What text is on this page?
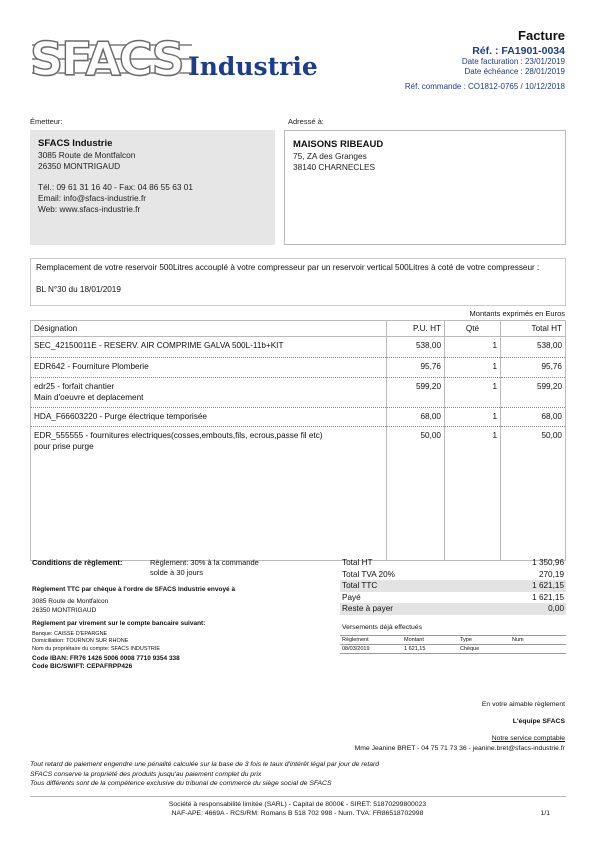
SFACS Industrie
Facture
Réf. : FA1901-0034
Date facturation : 23/01/2019
Date échéance : 28/01/2019
Réf. commande : CO1812-0765 / 10/12/2018
Émetteur:	Adressé à:
SFACS Industrie
3085 Route de Montfalcon
26350 MONTRIGAUD
Tél.: 09 61 31 16 40 - Fax: 04 86 55 63 01
Email: info@sfacs-industrie.fr
Web: www.sfacs-industrie.fr
MAISONS RIBEAUD
75, ZA des Granges
38140 CHARNECLES
Remplacement de votre reservoir 500Litres accouplé à votre compresseur par un reservoir vertical 500Litres à coté de votre compresseur :
BL N°30 du 18/01/2019
Montants exprimés en Euros
Désignation	P.U. HT	Qté	Total HT
SEC_42150011E - RESERV. AIR COMPRIME GALVA 500L-11b+KIT	538,00	1	538,00
EDR642 - Fourniture Plomberie	95,76	1	95,76

edr25 - forfait chantier
Main d'oeuvre et deplacement	599,20	1	599,20
HDA_F66603220 - Purge électrique temporisée	68,00	1	68,00

EDR_555555 - fournitures electriques(cosses,embouts,fils, ecrous,passe fil etc)
pour prise purge	50,00	1	50,00
Conditions de règlement:	Règlement: 30% à la commande
solde à 30 jours
Règlement TTC par chèque à l'ordre de SFACS Industrie envoyé à
3085 Route de Montfalcon
26350 MONTRIGAUD
Règlement par virement sur le compte bancaire suivant:
Banque: CAISSE D'EPARGNE
Domiciliation: TOURNON SUR RHONE
Nom du propriétaire du compte: SFACS INDUSTRIE
Code IBAN: FR76 1426 5006 0008 7710 9354 338
Code BIC/SWIFT: CEPAFRPP426
Total HT	1 350,96
Total TVA 20%	270,19
Total TTC	1 621,15
Payé	1 621,15
Reste à payer	0,00
Versements déjà effectués
Règlement	Montant	Type	Num
08/03/2019	1 621,15	Chèque	
En votre aimable règlement
L'équipe SFACS
Notre service comptable
Mme Jeanine BRET - 04 75 71 73 36 - jeanine.bret@sfacs-industrie.fr
Tout retard de paiement engendre une pénalité calculée sur la base de 3 fois le taux d'intérêt légal par jour de retard
SFACS conserve la propriété des produits jusqu'au paiement complet du prix
Tous différents sont de la compétence exclusive du tribunal de commerce du siège social de SFACS
Société à responsabilité limitée (SARL) - Capital de 8000€ - SIRET: 51870299800023
NAF-APE: 4669A - RCS/RM: Romans B 518 702 998 - Num. TVA: FR86518702998	1/1
